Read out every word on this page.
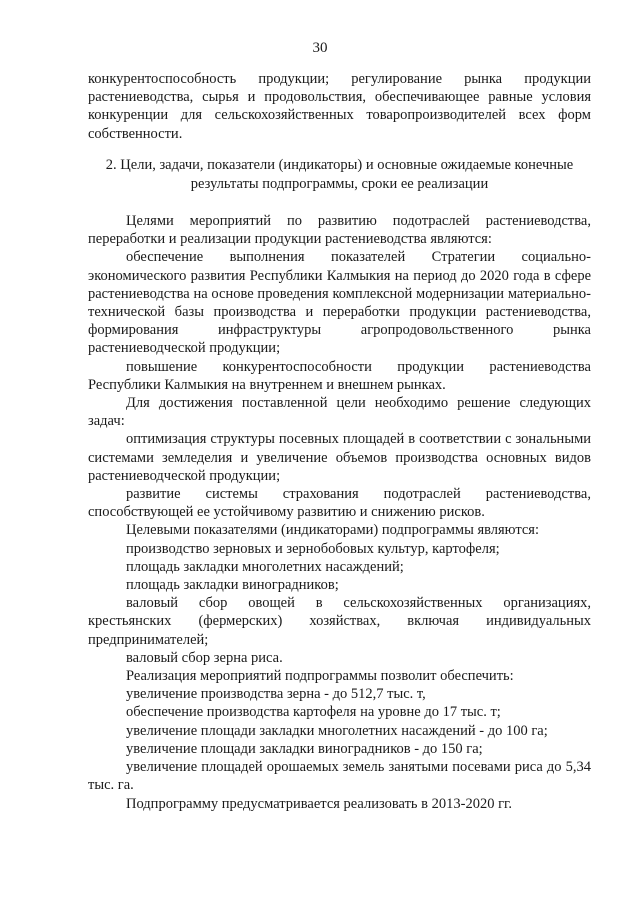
30

конкурентоспособность продукции; регулирование рынка продукции растениеводства, сырья и продовольствия, обеспечивающее равные условия конкуренции для сельскохозяйственных товаропроизводителей всех форм собственности.

2. Цели, задачи, показатели (индикаторы) и основные ожидаемые конечные результаты подпрограммы, сроки ее реализации

Целями мероприятий по развитию подотраслей растениеводства, переработки и реализации продукции растениеводства являются:

обеспечение выполнения показателей Стратегии социально-экономического развития Республики Калмыкия на период до 2020 года в сфере растениеводства на основе проведения комплексной модернизации материально-технической базы производства и переработки продукции растениеводства, формирования инфраструктуры агропродовольственного рынка растениеводческой продукции;

повышение конкурентоспособности продукции растениеводства Республики Калмыкия на внутреннем и внешнем рынках.

Для достижения поставленной цели необходимо решение следующих задач:

оптимизация структуры посевных площадей в соответствии с зональными системами земледелия и увеличение объемов производства основных видов растениеводческой продукции;

развитие системы страхования подотраслей растениеводства, способствующей ее устойчивому развитию и снижению рисков.

Целевыми показателями (индикаторами) подпрограммы являются:

производство зерновых и зернобобовых культур, картофеля;

площадь закладки многолетних насаждений;

площадь закладки виноградников;

валовый сбор овощей в сельскохозяйственных организациях, крестьянских (фермерских) хозяйствах, включая индивидуальных предпринимателей;

валовый сбор зерна риса.

Реализация мероприятий подпрограммы позволит обеспечить:

увеличение производства зерна - до 512,7 тыс. т,

обеспечение производства картофеля на уровне до 17 тыс. т;

увеличение площади закладки многолетних насаждений - до 100 га;

увеличение площади закладки виноградников - до 150 га;

увеличение площадей орошаемых земель занятыми посевами риса до 5,34 тыс. га.

Подпрограмму предусматривается реализовать в 2013-2020 гг.
